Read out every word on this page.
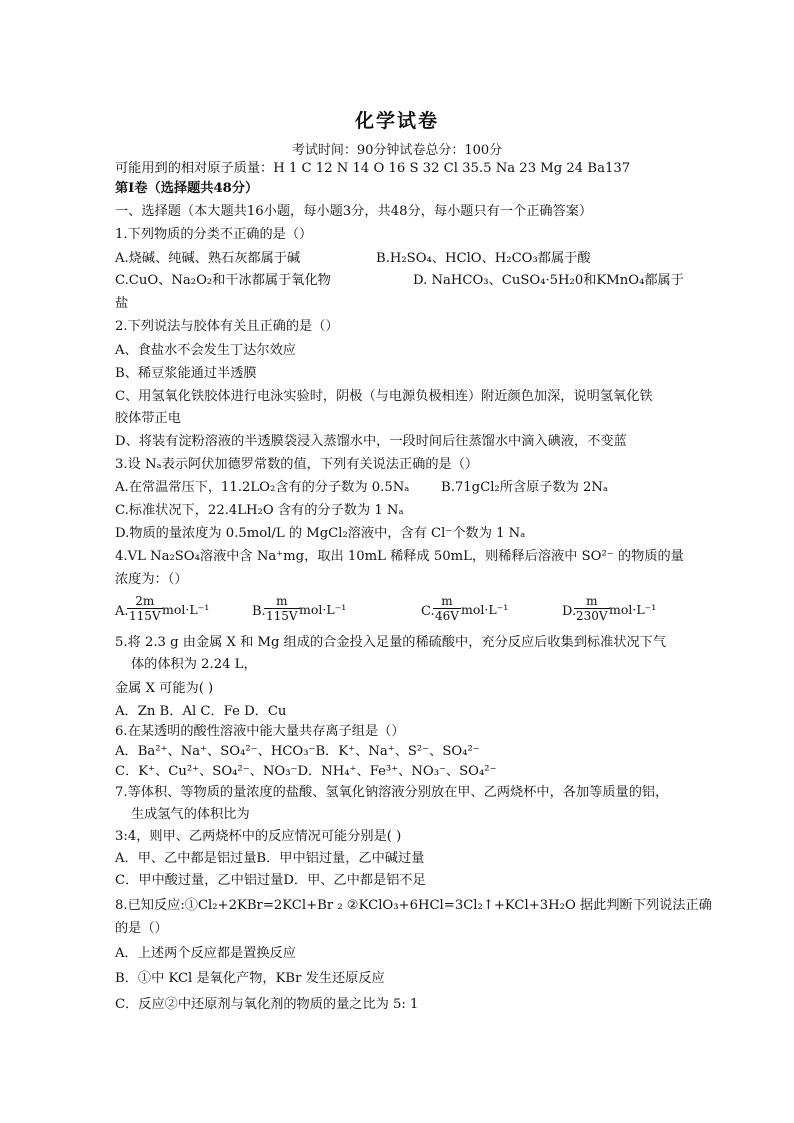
化学试卷
考试时间：90分钟试卷总分：100分
可能用到的相对原子质量：H 1 C 12 N 14 O 16 S 32 Cl 35.5 Na 23 Mg 24 Ba137
第Ⅰ卷（选择题共48分）
一、选择题（本大题共16小题，每小题3分，共48分，每小题只有一个正确答案）
1.下列物质的分类不正确的是（）
A.烧碱、纯碱、熟石灰都属于碱	B.H₂SO₄、HClO、H₂CO₃都属于酸
C.CuO、Na₂O₂和干冰都属于氧化物	D. NaHCO₃、CuSO₄·5H₂0和KMnO₄都属于
盐
2.下列说法与胶体有关且正确的是（）
A、食盐水不会发生丁达尔效应
B、稀豆浆能通过半透膜
C、用氢氧化铁胶体进行电泳实验时，阴极（与电源负极相连）附近颜色加深，说明氢氧化铁
胶体带正电
D、将装有淀粉溶液的半透膜袋浸入蒸馏水中，一段时间后往蒸馏水中滴入碘液，不变蓝
3.设 Nₐ表示阿伏加德罗常数的值，下列有关说法正确的是（）
A.在常温常压下，11.2LO₂含有的分子数为 0.5Nₐ B.71gCl₂所含原子数为 2Nₐ
C.标准状况下，22.4LH₂O 含有的分子数为 1 Nₐ
D.物质的量浓度为 0.5mol/L 的 MgCl₂溶液中，含有 Cl⁻个数为 1 Nₐ
4.VL Na₂SO₄溶液中含 Na⁺mg，取出 10mL 稀释成 50mL，则稀释后溶液中 SO²⁻ 的物质的量
浓度为：（）
A.
$\frac{2m}{115V} mol\cdot L^{-1}$	B.
$\frac{m}{115V} mol\cdot L^{-1}$	C.
$\frac{m}{46V} mol\cdot L^{-1}$	D.
$\frac{m}{230V} mol\cdot L^{-1}$
5.将 2.3 g 由金属 X 和 Mg 组成的合金投入足量的稀硫酸中，充分反应后收集到标准状况下气
体的体积为 2.24 L，
金属 X 可能为( )
A．Zn B．Al C．Fe D．Cu
6.在某透明的酸性溶液中能大量共存离子组是（）
A．Ba²⁺、Na⁺、SO₄²⁻、HCO₃⁻B．K⁺、Na⁺、S²⁻、SO₄²⁻
C．K⁺、Cu²⁺、SO₄²⁻、NO₃⁻D．NH₄⁺、Fe³⁺、NO₃⁻、SO₄²⁻
7.等体积、等物质的量浓度的盐酸、氢氧化钠溶液分别放在甲、乙两烧杯中，各加等质量的铝，
生成氢气的体积比为
3:4，则甲、乙两烧杯中的反应情况可能分别是( )
A．甲、乙中都是铝过量B．甲中铝过量，乙中碱过量
C．甲中酸过量，乙中铝过量D．甲、乙中都是铝不足
8.已知反应:①Cl₂+2KBr=2KCl+Br ₂ ②KClO₃+6HCl=3Cl₂↑+KCl+3H₂O 据此判断下列说法正确
的是（）
A．上述两个反应都是置换反应
B．①中 KCl 是氧化产物，KBr 发生还原反应
C．反应②中还原剂与氧化剂的物质的量之比为 5: 1
